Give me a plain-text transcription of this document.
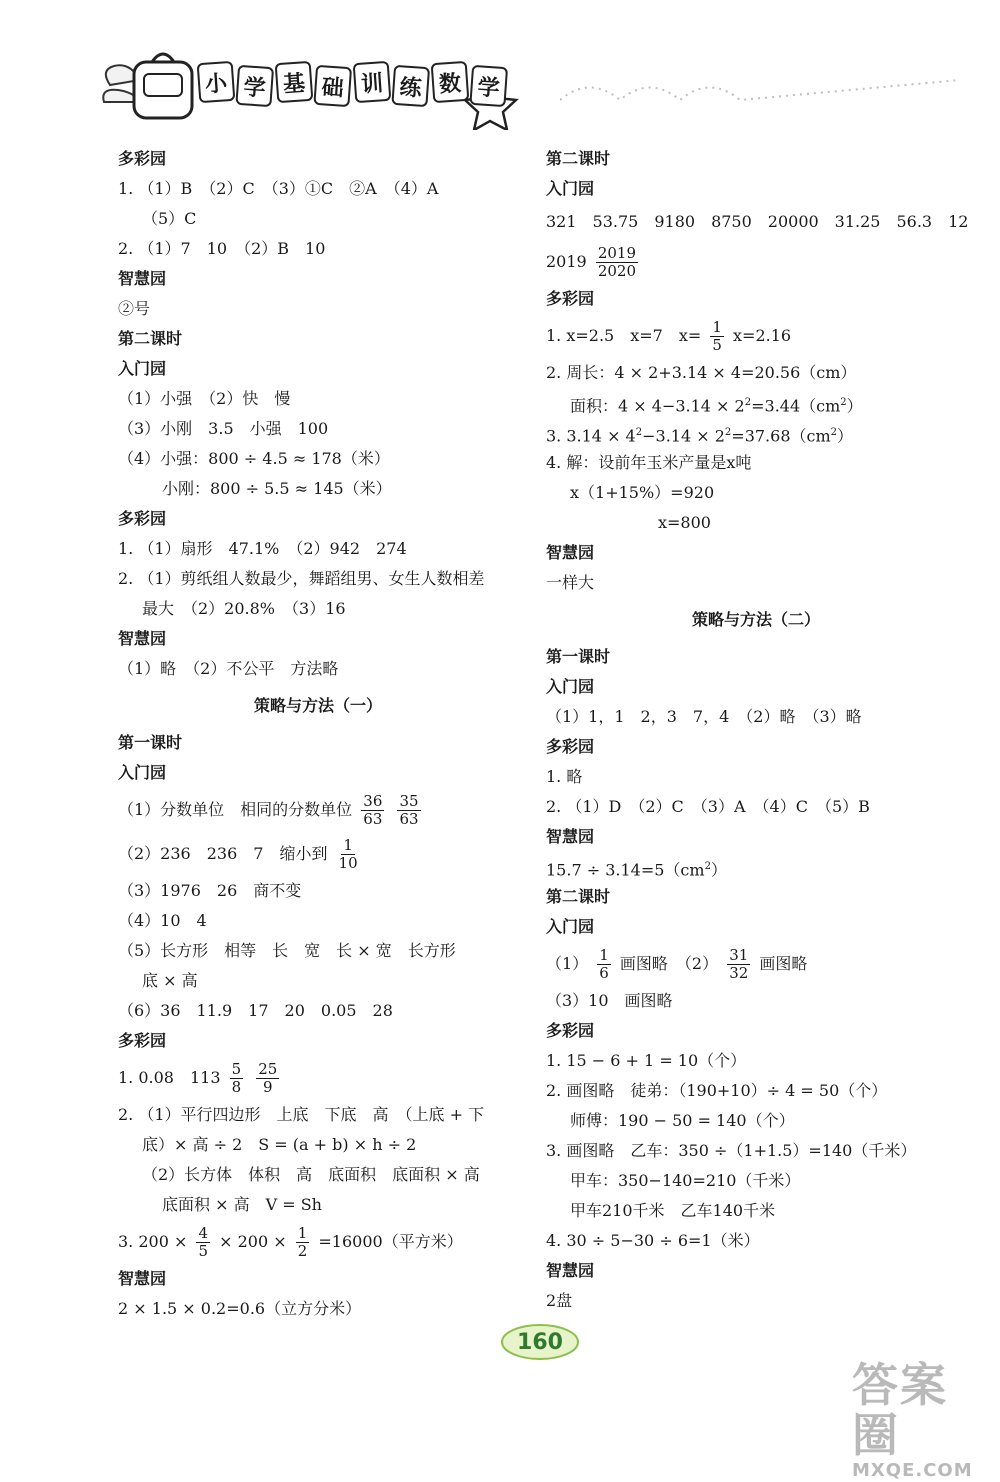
小 学 基 础 训 练 数 学
多彩园
1. （1）B　（2）C　（3）①C　②A　（4）A
（5）C
2. （1）7　10　（2）B　10
智慧园
②号
第二课时
入门园
（1）小强　（2）快　慢
（3）小刚　3.5　小强　100
（4）小强：800 ÷ 4.5 ≈ 178（米）
小刚：800 ÷ 5.5 ≈ 145（米）
多彩园
1. （1）扇形　47.1%　（2）942　274
2. （1）剪纸组人数最少，舞蹈组男、女生人数相差
最大　（2）20.8%　（3）16
智慧园
（1）略　（2）不公平　方法略
策略与方法（一）
第一课时
入门园
（1）分数单位　相同的分数单位 $\frac{36}{63}$
$\frac{35}{63}$
（2）236　236　7　缩小到 $\frac{1}{10}$
（3）1976　26　商不变
（4）10　4
（5）长方形　相等　长　宽　长 × 宽　长方形
底 × 高
（6）36　11.9　17　20　0.05　28
多彩园
1. 0.08　$113 \frac{5}{8}$
$\frac{25}{9}$
2. （1）平行四边形　上底　下底　高　（上底 + 下
底）× 高 ÷ 2　S = (a + b) × h ÷ 2
（2）长方体　体积　高　底面积　底面积 × 高
底面积 × 高　V = Sh
3. $200 \times \frac{4}{5} \times 200 \times \frac{1}{2} =16000$（平方米）
智慧园
2 × 1.5 × 0.2=0.6（立方分米）
第二课时
入门园
321　53.75　9180　8750　20000　31.25　56.3　12
$2019 \frac{2019}{2020}$
多彩园
1. x=2.5　x=7　$x= \frac{1}{5} x=2.16$
2. 周长：4 × 2+3.14 × 4=20.56（cm）
面积：$4 \times 4-3.14 \times 2^2=3.44(cm^2)$
3. $3.14 \times 4^2-3.14 \times 2^2=37.68(cm^2)$
4. 解：设前年玉米产量是x吨
x（1+15%）=920
x=800
智慧园
一样大
策略与方法（二）
第一课时
入门园
（1）1，1　2，3　7，4　（2）略　（3）略
多彩园
1. 略
2. （1）D　（2）C　（3）A　（4）C　（5）B
智慧园
$15.7 \div 3.14=5(cm^2)$
第二课时
入门园
$(1) \frac{1}{6}$ 画图略　$(2) \frac{31}{32}$ 画图略
（3）10　画图略
多彩园
1. 15 − 6 + 1 = 10（个）
2. 画图略　徒弟：（190+10）÷ 4 = 50（个）
师傅：190 − 50 = 140（个）
3. 画图略　乙车：350 ÷（1+1.5）=140（千米）
甲车：350−140=210（千米）
甲车210千米　乙车140千米
4. 30 ÷ 5−30 ÷ 6=1（米）
智慧园
2盘
160
答案圈
MXQE.COM
